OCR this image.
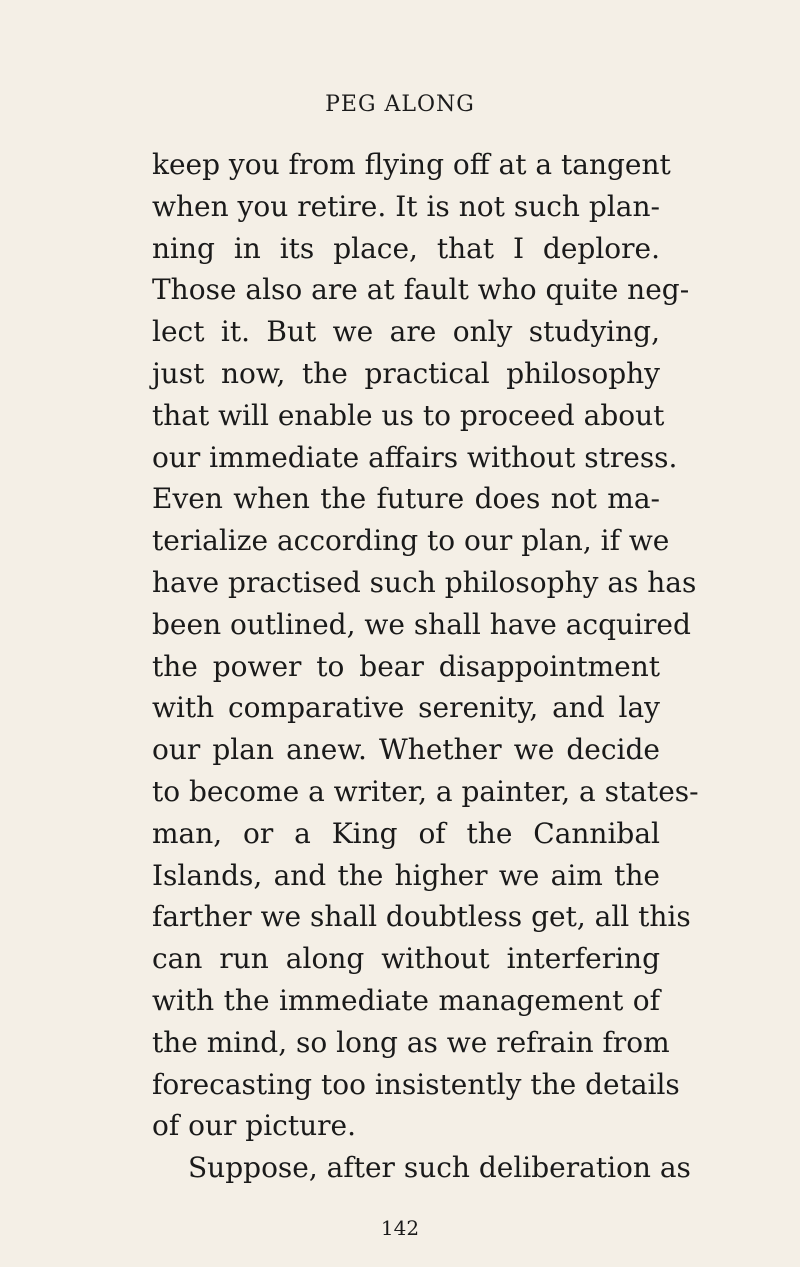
PEG ALONG
keep you from flying off at a tangent
when you retire. It is not such plan-
ning in its place, that I deplore.
Those also are at fault who quite neg-
lect it. But we are only studying,
just now, the practical philosophy
that will enable us to proceed about
our immediate affairs without stress.
Even when the future does not ma-
terialize according to our plan, if we
have practised such philosophy as has
been outlined, we shall have acquired
the power to bear disappointment
with comparative serenity, and lay
our plan anew. Whether we decide
to become a writer, a painter, a states-
man, or a King of the Cannibal
Islands, and the higher we aim the
farther we shall doubtless get, all this
can run along without interfering
with the immediate management of
the mind, so long as we refrain from
forecasting too insistently the details
of our picture.
Suppose, after such deliberation as
142
